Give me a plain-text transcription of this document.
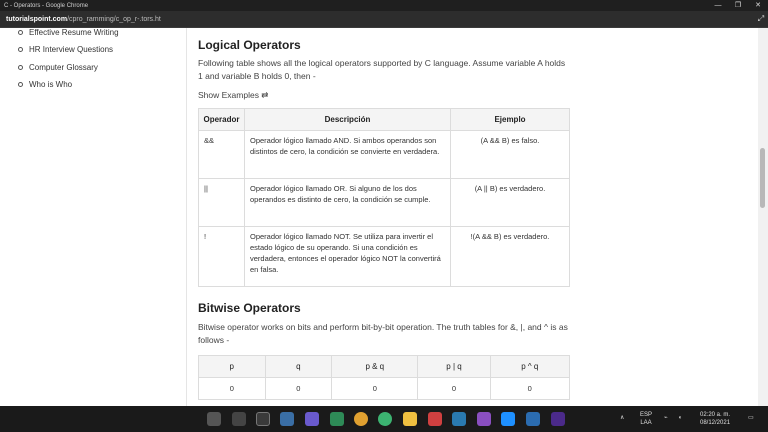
C - Operators - Google Chrome	—	❐	✕
tutorialspoint.com /cpro_ramming/c_op_r-.tors.ht	⤢
Effective Resume Writing
HR Interview Questions
Computer Glossary
Who is Who
Logical Operators
Following table shows all the logical operators supported by C language. Assume variable A holds 1 and variable B holds 0, then -
Show Examples ⇄
Operador	Descripción	Ejemplo
&&	Operador lógico llamado AND. Si ambos operandos son distintos de cero, la condición se convierte en verdadera.	(A && B) es falso.
||	Operador lógico llamado OR. Si alguno de los dos operandos es distinto de cero, la condición se cumple.	(A || B) es verdadero.
!	Operador lógico llamado NOT. Se utiliza para invertir el estado lógico de su operando. Si una condición es verdadera, entonces el operador lógico NOT la convertirá en falsa.	!(A && B) es verdadero.
Bitwise Operators
Bitwise operator works on bits and perform bit-by-bit operation. The truth tables for &, |, and ^ is as follows -
p	q	p & q	p | q	p ^ q
0	0	0	0	0
∧	ESP
LAA
⌁ ◖	02:20 a. m.
08/12/2021
▭
